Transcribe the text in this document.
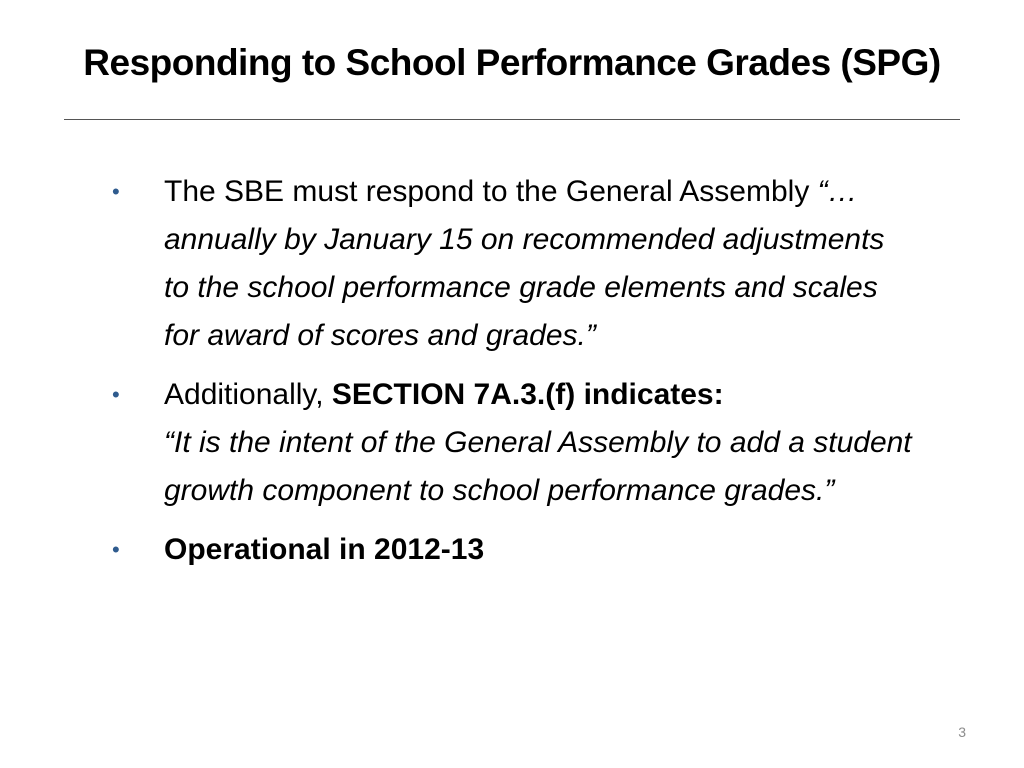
Responding to School Performance Grades (SPG)
•	The SBE must respond to the General Assembly “…annually by January 15 on recommended adjustments to the school performance grade elements and scales for award of scores and grades.”
•	Additionally, SECTION 7A.3.(f) indicates:
“It is the intent of the General Assembly to add a student growth component to school performance grades.”
•	Operational in 2012-13
3
